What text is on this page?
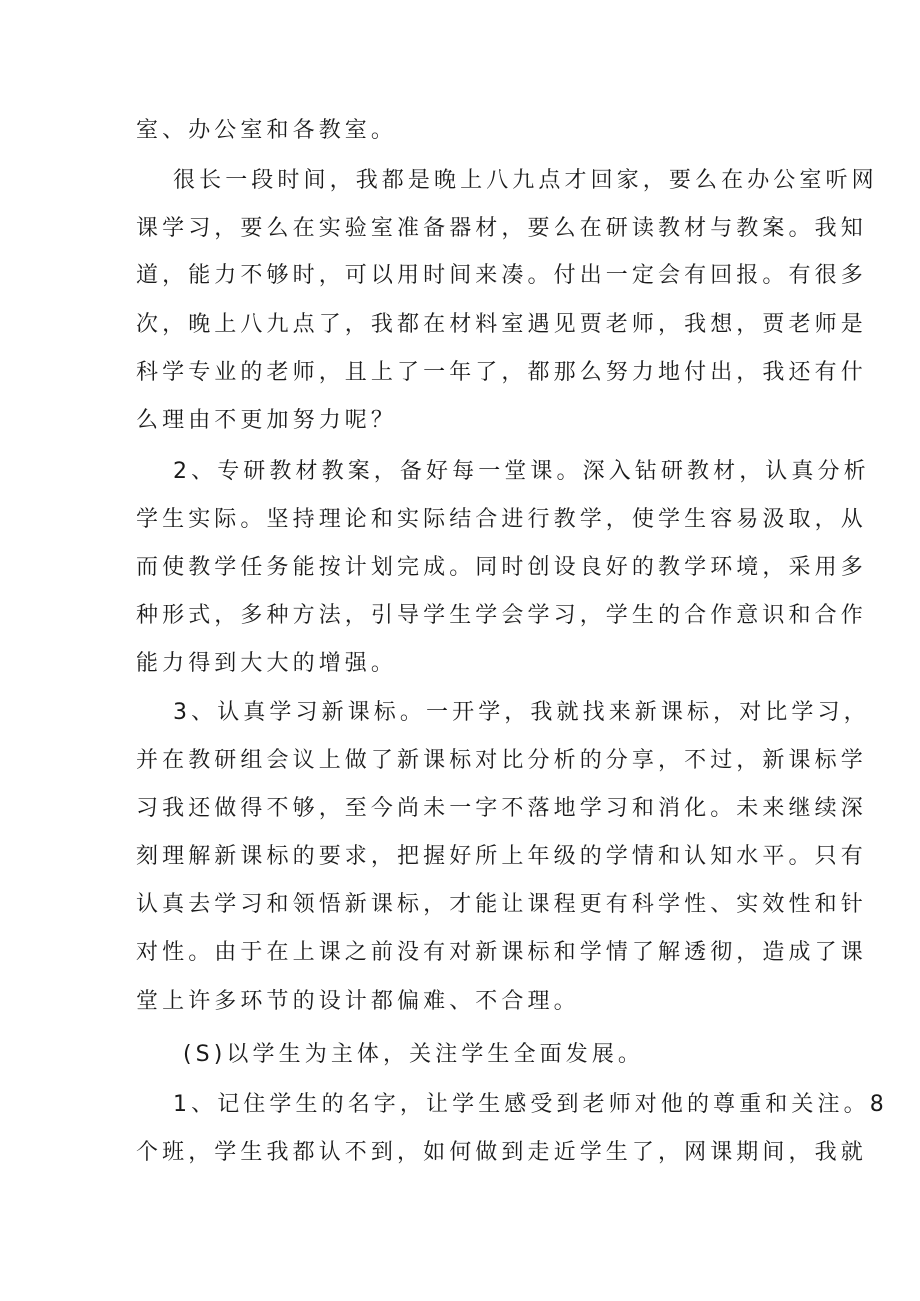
室、办公室和各教室。
很长一段时间，我都是晚上八九点才回家，要么在办公室听网
课学习，要么在实验室准备器材，要么在研读教材与教案。我知
道，能力不够时，可以用时间来凑。付出一定会有回报。有很多
次，晚上八九点了，我都在材料室遇见贾老师，我想，贾老师是
科学专业的老师，且上了一年了，都那么努力地付出，我还有什
么理由不更加努力呢？
2、专研教材教案，备好每一堂课。深入钻研教材，认真分析
学生实际。坚持理论和实际结合进行教学，使学生容易汲取，从
而使教学任务能按计划完成。同时创设良好的教学环境，采用多
种形式，多种方法，引导学生学会学习，学生的合作意识和合作
能力得到大大的增强。
3、认真学习新课标。一开学，我就找来新课标，对比学习，
并在教研组会议上做了新课标对比分析的分享，不过，新课标学
习我还做得不够，至今尚未一字不落地学习和消化。未来继续深
刻理解新课标的要求，把握好所上年级的学情和认知水平。只有
认真去学习和领悟新课标，才能让课程更有科学性、实效性和针
对性。由于在上课之前没有对新课标和学情了解透彻，造成了课
堂上许多环节的设计都偏难、不合理。
(S)以学生为主体，关注学生全面发展。
1、记住学生的名字，让学生感受到老师对他的尊重和关注。8
个班，学生我都认不到，如何做到走近学生了，网课期间，我就
